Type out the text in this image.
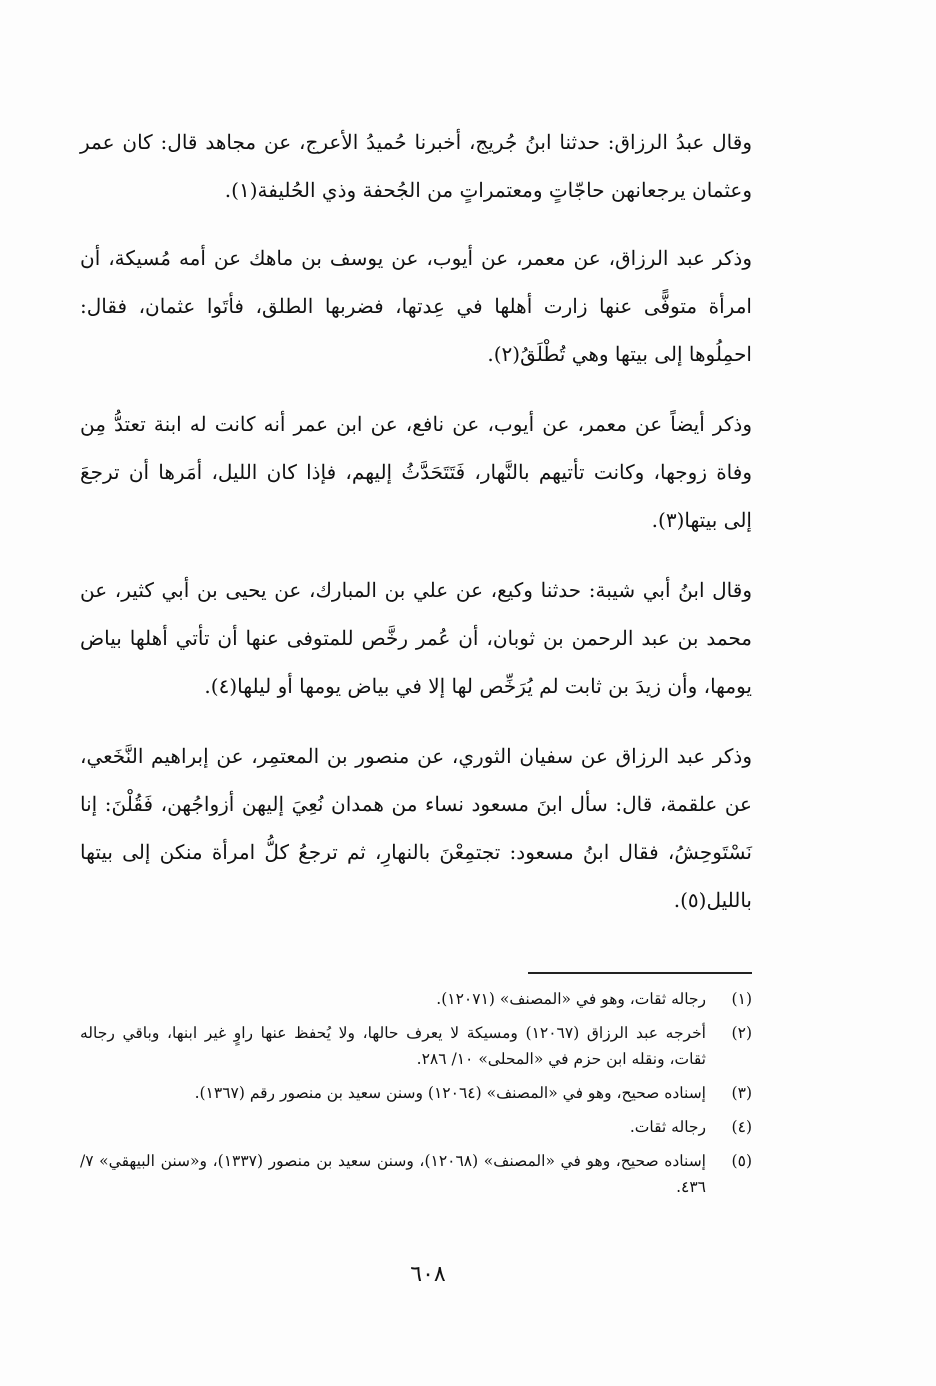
وقال عبدُ الرزاق: حدثنا ابنُ جُريج، أخبرنا حُميدُ الأعرج، عن مجاهد قال: كان عمر وعثمان يرجعانهن حاجّاتٍ ومعتمراتٍ من الجُحفة وذي الحُليفة(١).

وذكر عبد الرزاق، عن معمر، عن أيوب، عن يوسف بن ماهك عن أمه مُسيكة، أن امرأة متوفًّى عنها زارت أهلها في عِدتها، فضربها الطلق، فأتَوا عثمان، فقال: احمِلُوها إلى بيتها وهي تُطْلَقُ(٢).

وذكر أيضاً عن معمر، عن أيوب، عن نافع، عن ابن عمر أنه كانت له ابنة تعتدُّ مِن وفاة زوجها، وكانت تأتيهم بالنَّهار، فَتَتَحَدَّثُ إليهم، فإذا كان الليل، أمَرها أن ترجعَ إلى بيتها(٣).

وقال ابنُ أبي شيبة: حدثنا وكيع، عن علي بن المبارك، عن يحيى بن أبي كثير، عن محمد بن عبد الرحمن بن ثوبان، أن عُمر رخَّص للمتوفى عنها أن تأتي أهلها بياض يومها، وأن زيدَ بن ثابت لم يُرَخِّص لها إلا في بياض يومها أو ليلها(٤).

وذكر عبد الرزاق عن سفيان الثوري، عن منصور بن المعتمِر، عن إبراهيم النَّخَعي، عن علقمة، قال: سأل ابنَ مسعود نساء من همدان نُعِيَ إليهن أزواجُهن، فَقُلْنَ: إنا نَسْتَوحِشُ، فقال ابنُ مسعود: تجتمِعْنَ بالنهارِ، ثم ترجعُ كلُّ امرأة منكن إلى بيتها بالليل(٥).

(١)
رجاله ثقات، وهو في «المصنف» (١٢٠٧١).
(٢)
أخرجه عبد الرزاق (١٢٠٦٧) ومسيكة لا يعرف حالها، ولا يُحفظ عنها راوٍ غير ابنها، وباقي رجاله ثقات، ونقله ابن حزم في «المحلى» ١٠/ ٢٨٦.
(٣)
إسناده صحيح، وهو في «المصنف» (١٢٠٦٤) وسنن سعيد بن منصور رقم (١٣٦٧).
(٤)
رجاله ثقات.
(٥)
إسناده صحيح، وهو في «المصنف» (١٢٠٦٨)، وسنن سعيد بن منصور (١٣٣٧)، و«سنن البيهقي» ٧/ ٤٣٦.
٦٠٨
